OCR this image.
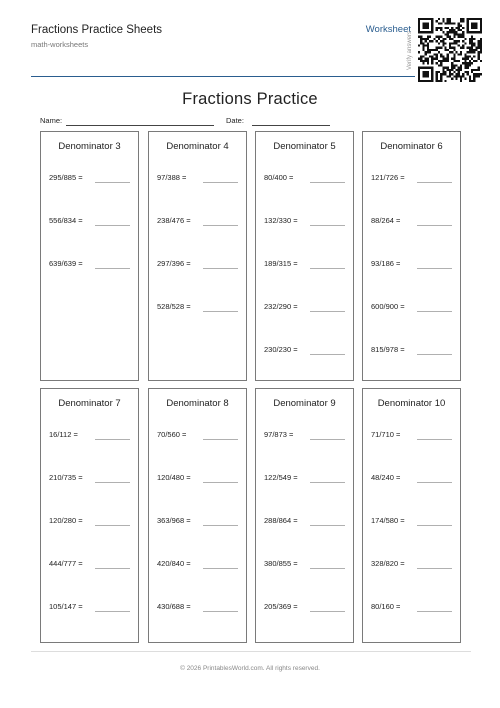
Fractions Practice Sheets
math-worksheets
Worksheet
Verify answers
Fractions Practice
Name:	Date:
Denominator 3
295/885 =
556/834 =
639/639 =
Denominator 4
97/388 =
238/476 =
297/396 =
528/528 =
Denominator 5
80/400 =
132/330 =
189/315 =
232/290 =
230/230 =
Denominator 6
121/726 =
88/264 =
93/186 =
600/900 =
815/978 =
Denominator 7
16/112 =
210/735 =
120/280 =
444/777 =
105/147 =
Denominator 8
70/560 =
120/480 =
363/968 =
420/840 =
430/688 =
Denominator 9
97/873 =
122/549 =
288/864 =
380/855 =
205/369 =
Denominator 10
71/710 =
48/240 =
174/580 =
328/820 =
80/160 =
© 2026 PrintablesWorld.com. All rights reserved.
